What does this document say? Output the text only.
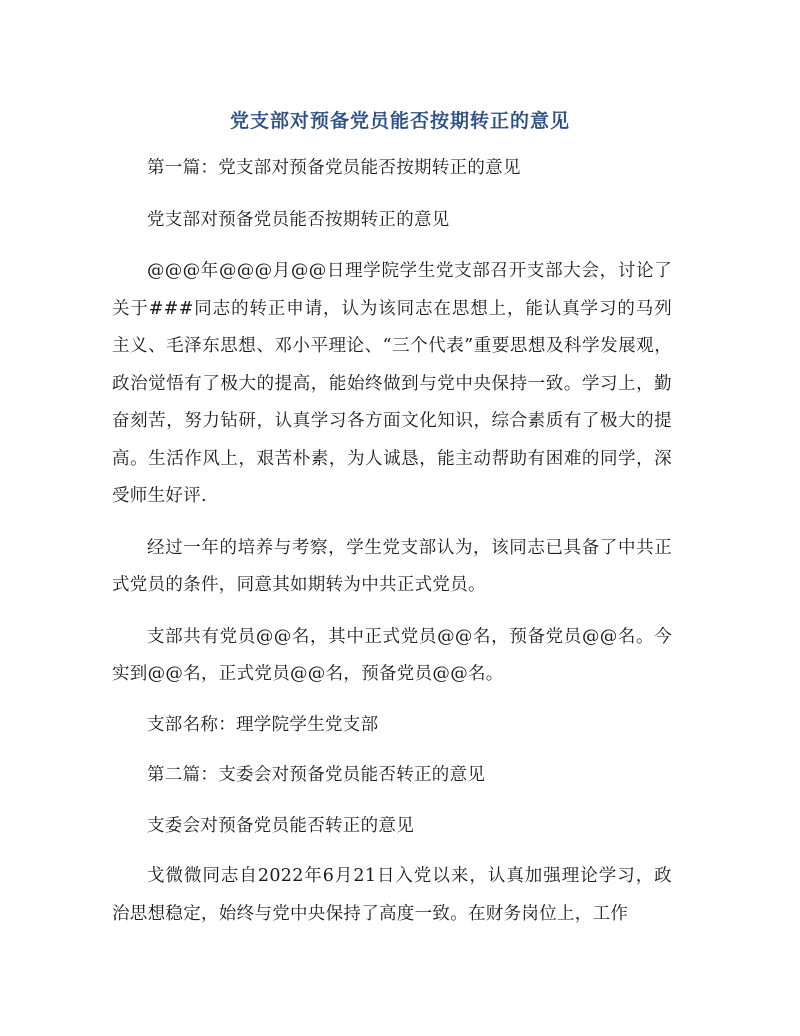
党支部对预备党员能否按期转正的意见

第一篇：党支部对预备党员能否按期转正的意见

党支部对预备党员能否按期转正的意见

@@@年@@@月@@日理学院学生党支部召开支部大会，讨论了关于###同志的转正申请，认为该同志在思想上，能认真学习的马列主义、毛泽东思想、邓小平理论、“三个代表”重要思想及科学发展观，政治觉悟有了极大的提高，能始终做到与党中央保持一致。学习上，勤奋刻苦，努力钻研，认真学习各方面文化知识，综合素质有了极大的提高。生活作风上，艰苦朴素，为人诚恳，能主动帮助有困难的同学，深受师生好评.

经过一年的培养与考察，学生党支部认为，该同志已具备了中共正式党员的条件，同意其如期转为中共正式党员。

支部共有党员@@名，其中正式党员@@名，预备党员@@名。今实到@@名，正式党员@@名，预备党员@@名。

支部名称：理学院学生党支部

第二篇：支委会对预备党员能否转正的意见

支委会对预备党员能否转正的意见

戈微微同志自2022年6月21日入党以来，认真加强理论学习，政治思想稳定，始终与党中央保持了高度一致。在财务岗位上，工作
